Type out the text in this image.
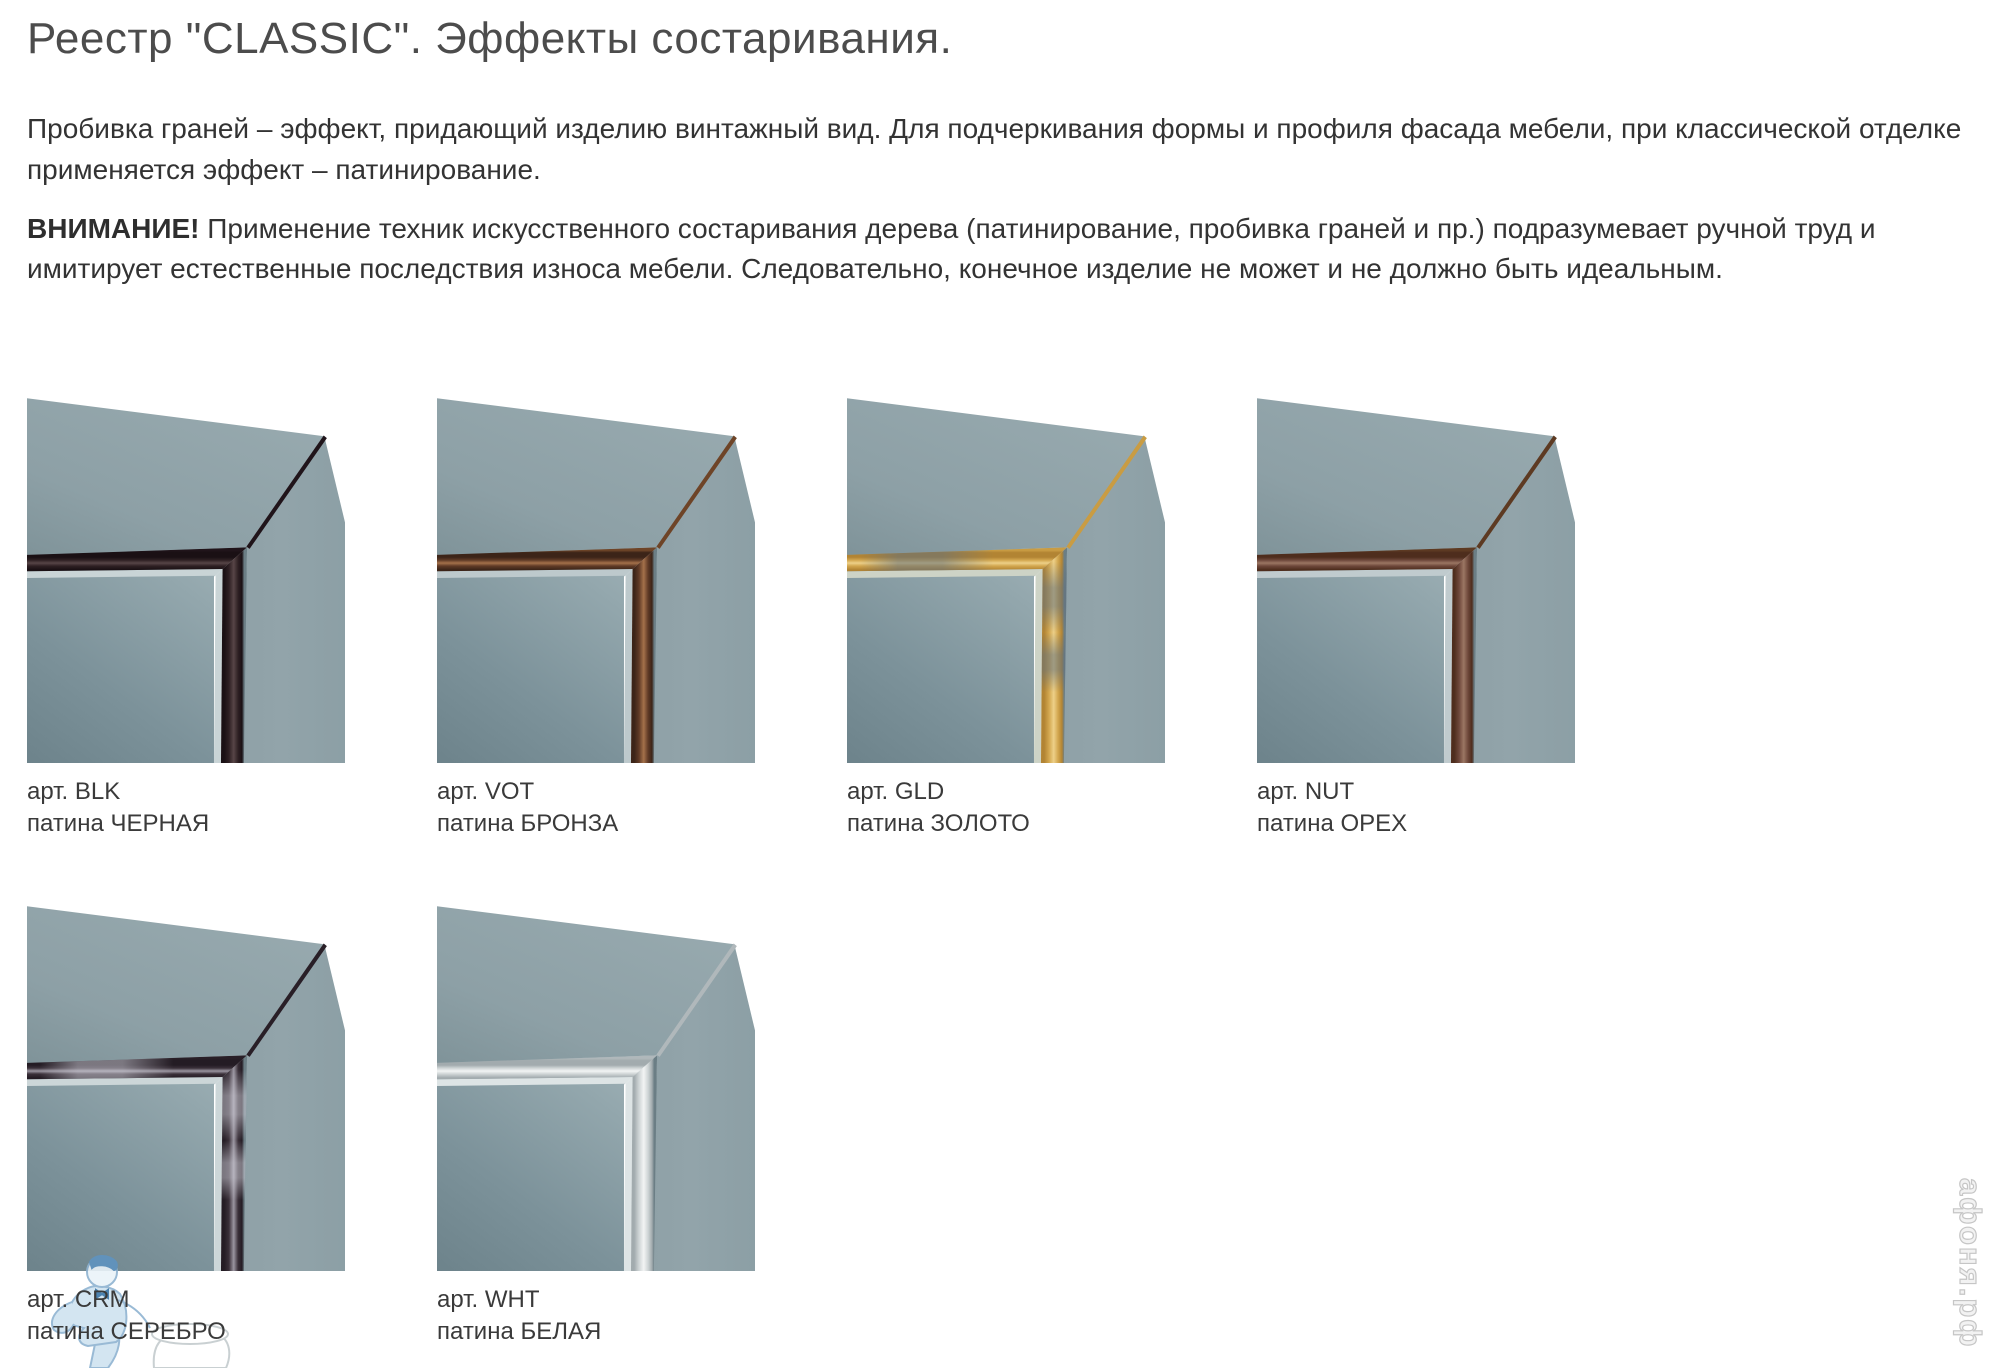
Реестр "CLASSIC". Эффекты состаривания.

Пробивка граней – эффект, придающий изделию винтажный вид. Для подчеркивания формы и профиля фасада мебели, при классической отделке применяется эффект – патинирование.

ВНИМАНИЕ! Применение техник искусственного состаривания дерева (патинирование, пробивка граней и пр.) подразумевает ручной труд и имитирует естественные последствия износа мебели. Следовательно, конечное изделие не может и не должно быть идеальным.

арт. BLK
патина ЧЕРНАЯ
арт. VOT
патина БРОНЗА
арт. GLD
патина ЗОЛОТО
арт. NUT
патина ОРЕХ
арт. CRM
патина СЕРЕБРО
арт. WHT
патина БЕЛАЯ	афоня.рф
